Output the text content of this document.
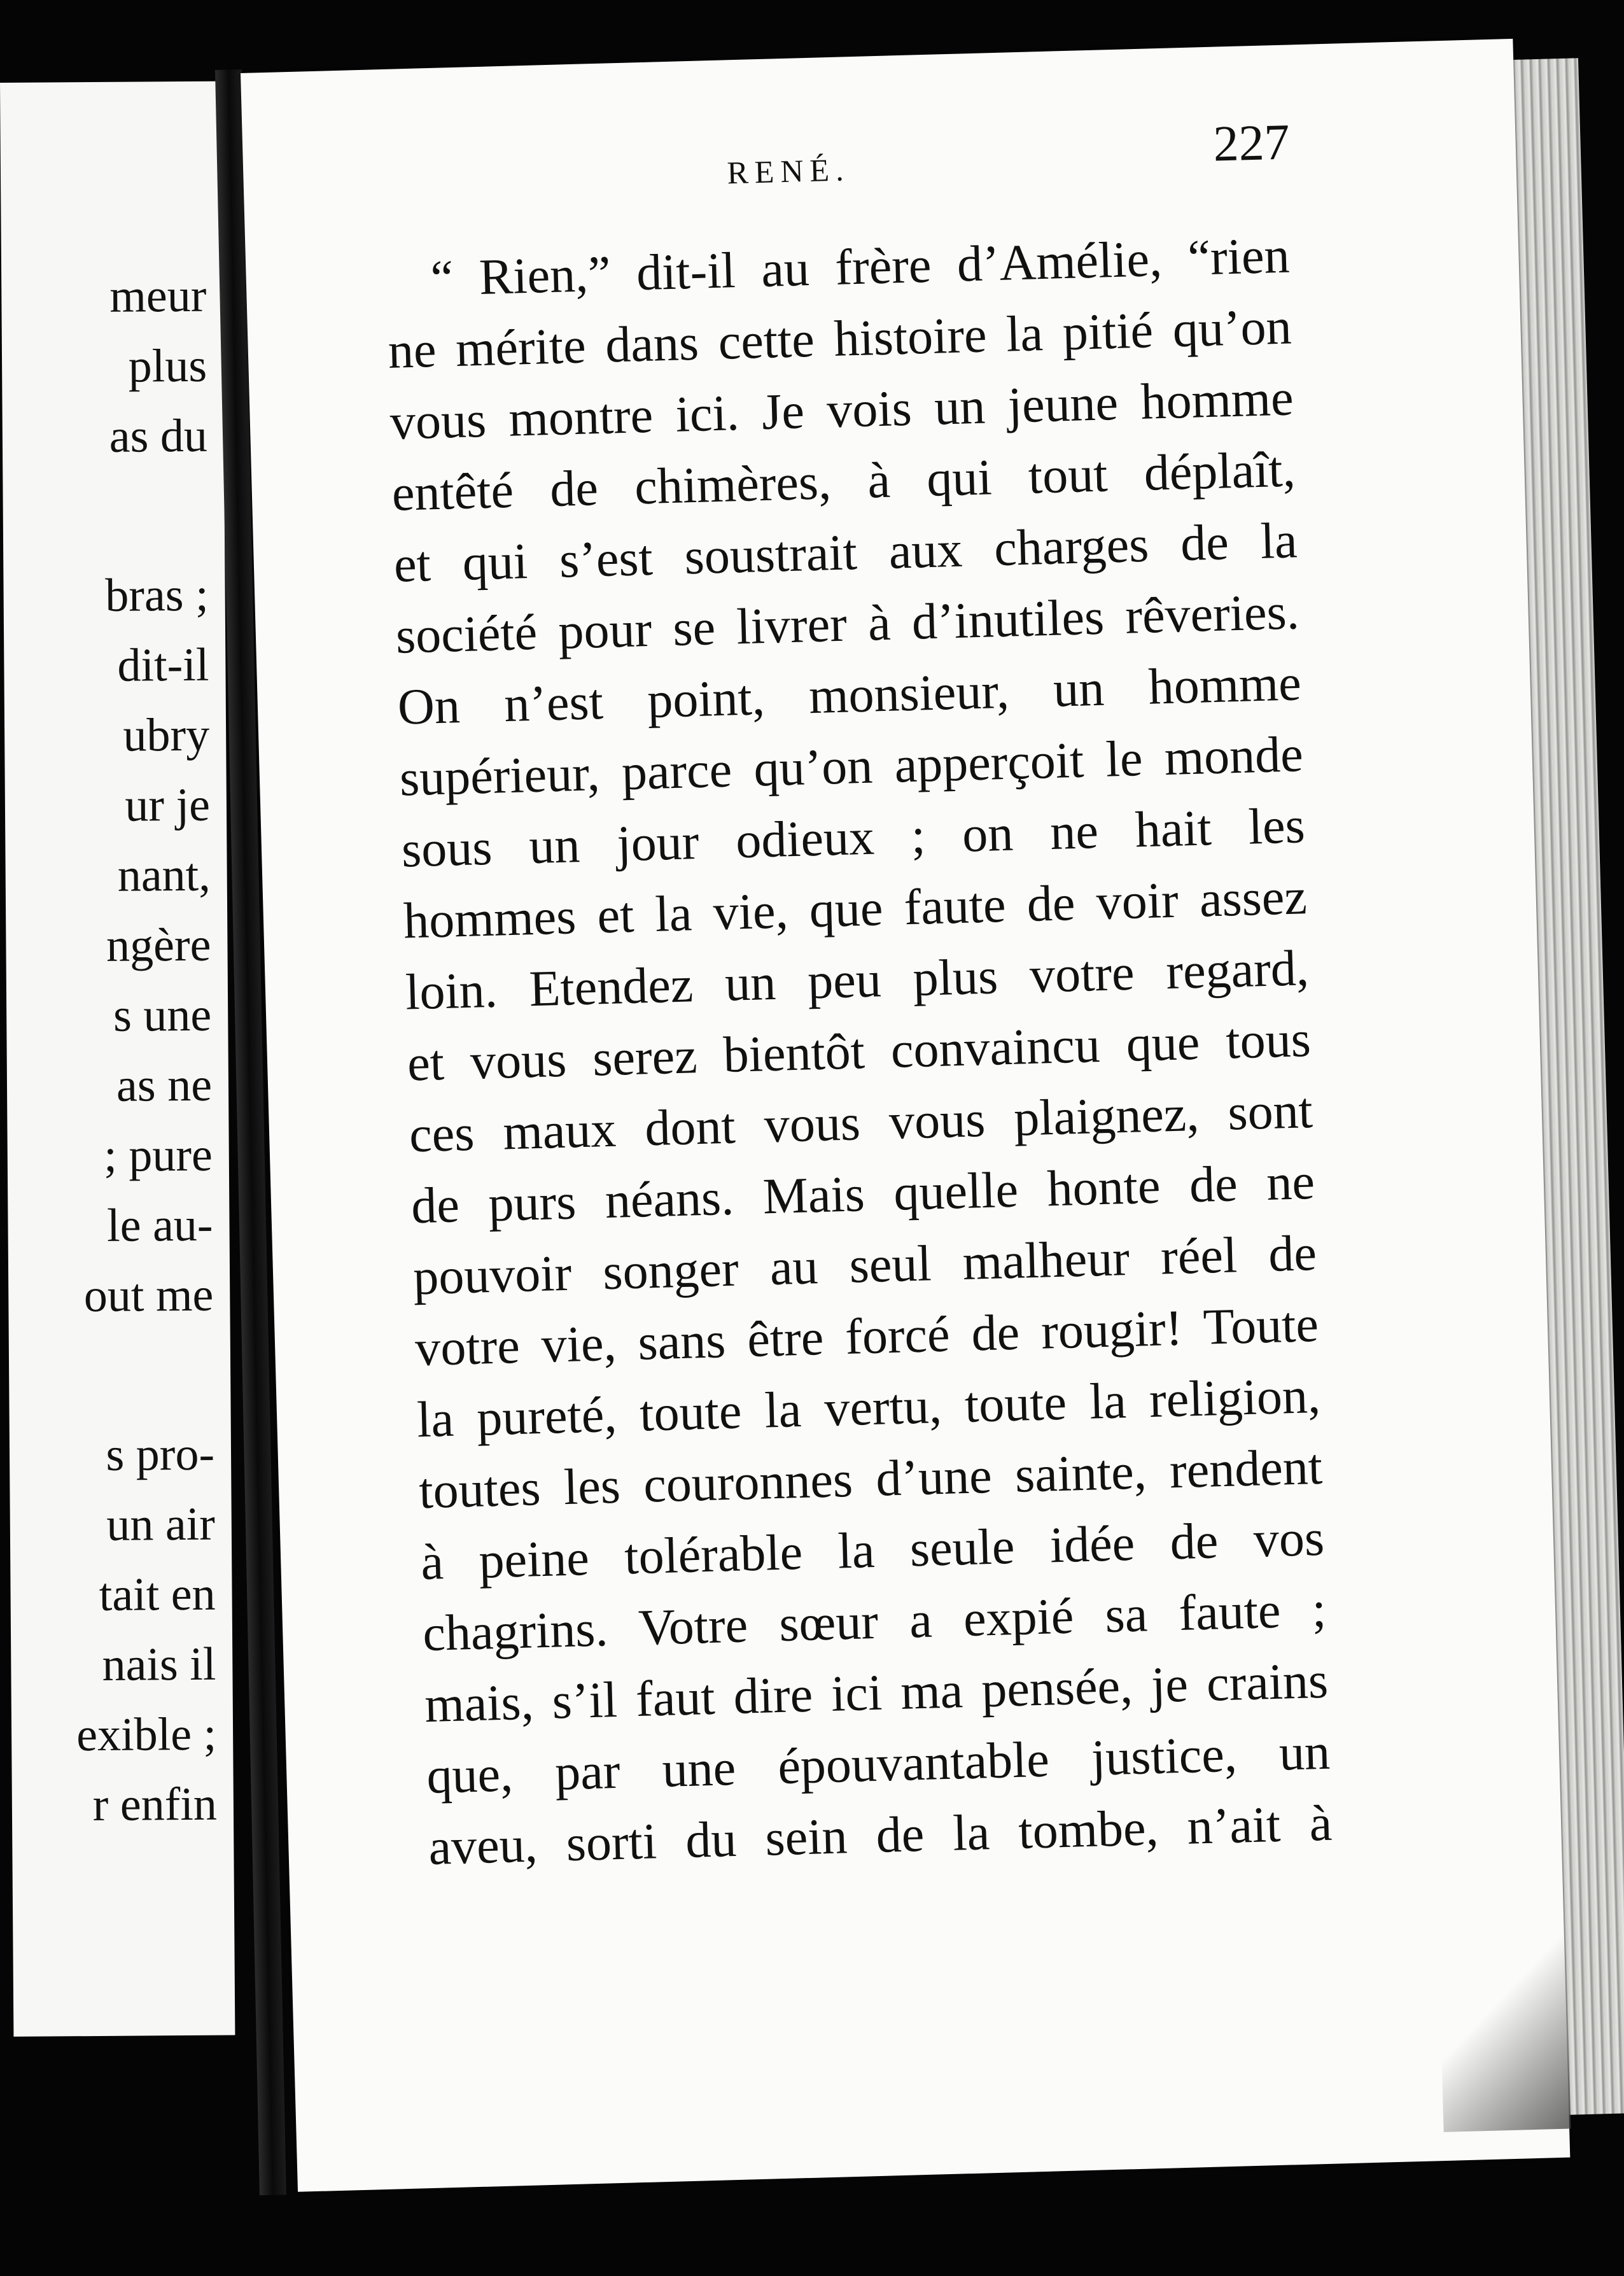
meur
plus
as du
bras ;
dit-il
ubry
ur je
nant,
ngère
s une
as ne
; pure
le au-
out me
s pro-
un air
tait en
nais il
exible ;
r enfin
RENÉ.	227
“ Rien,” dit-il au frère d’Amélie, “rien
ne mérite dans cette histoire la pitié qu’on
vous montre ici. Je vois un jeune homme
entêté de chimères, à qui tout déplaît,
et qui s’est soustrait aux charges de la
société pour se livrer à d’inutiles rêveries.
On n’est point, monsieur, un homme
supérieur, parce qu’on apperçoit le monde
sous un jour odieux ; on ne hait les
hommes et la vie, que faute de voir assez
loin. Etendez un peu plus votre regard,
et vous serez bientôt convaincu que tous
ces maux dont vous vous plaignez, sont
de purs néans. Mais quelle honte de ne
pouvoir songer au seul malheur réel de
votre vie, sans être forcé de rougir! Toute
la pureté, toute la vertu, toute la religion,
toutes les couronnes d’une sainte, rendent
à peine tolérable la seule idée de vos
chagrins. Votre sœur a expié sa faute ;
mais, s’il faut dire ici ma pensée, je crains
que, par une épouvantable justice, un
aveu, sorti du sein de la tombe, n’ait à
